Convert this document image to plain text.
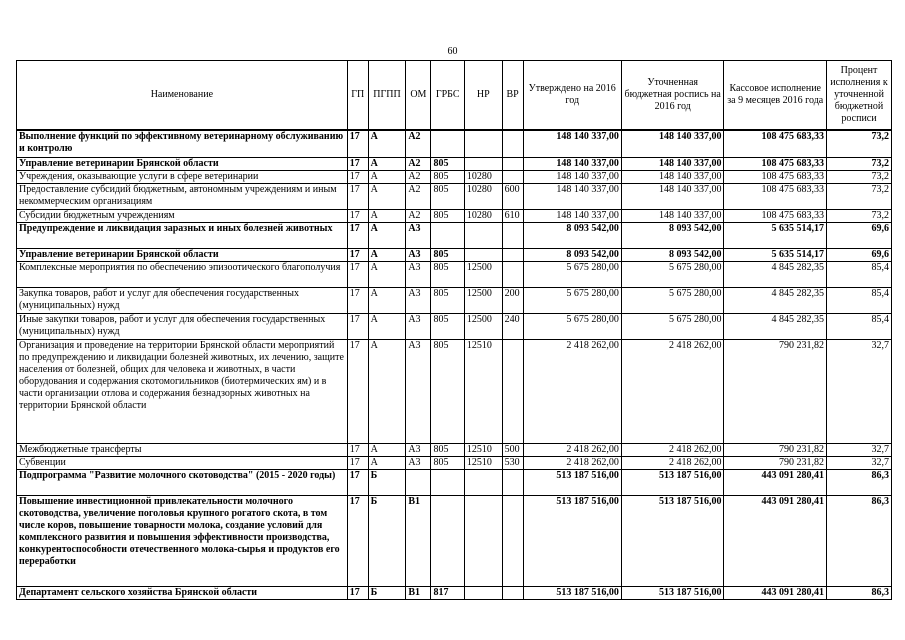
60
Наименование	ГП	ПГПП	ОМ	ГРБС	НР	ВР	Утверждено на 2016 год	Уточненная бюджетная роспись на 2016 год	Кассовое исполнение за 9 месяцев 2016 года	Процент исполнения к уточненной бюджетной росписи
Выполнение функций по эффективному ветеринарному обслуживанию и контролю	17	А	А2				148 140 337,00	148 140 337,00	108 475 683,33	73,2
Управление ветеринарии Брянской области	17	А	А2	805			148 140 337,00	148 140 337,00	108 475 683,33	73,2
Учреждения, оказывающие услуги в сфере ветеринарии	17	А	А2	805	10280		148 140 337,00	148 140 337,00	108 475 683,33	73,2
Предоставление субсидий бюджетным, автономным учреждениям и иным некоммерческим организациям	17	А	А2	805	10280	600	148 140 337,00	148 140 337,00	108 475 683,33	73,2
Субсидии бюджетным учреждениям	17	А	А2	805	10280	610	148 140 337,00	148 140 337,00	108 475 683,33	73,2
Предупреждение и ликвидация заразных и иных болезней животных	17	А	А3				8 093 542,00	8 093 542,00	5 635 514,17	69,6
Управление ветеринарии Брянской области	17	А	А3	805			8 093 542,00	8 093 542,00	5 635 514,17	69,6
Комплексные мероприятия по обеспечению эпизоотического благополучия	17	А	А3	805	12500		5 675 280,00	5 675 280,00	4 845 282,35	85,4
Закупка товаров, работ и услуг для обеспечения государственных (муниципальных) нужд	17	А	А3	805	12500	200	5 675 280,00	5 675 280,00	4 845 282,35	85,4
Иные закупки товаров, работ и услуг для обеспечения государственных (муниципальных) нужд	17	А	А3	805	12500	240	5 675 280,00	5 675 280,00	4 845 282,35	85,4
Организация и проведение на территории Брянской области мероприятий по предупреждению и ликвидации болезней животных, их лечению, защите населения от болезней, общих для человека и животных, в части оборудования и содержания скотомогильников (биотермических ям) и в части организации отлова и содержания безнадзорных животных на территории Брянской области	17	А	А3	805	12510		2 418 262,00	2 418 262,00	790 231,82	32,7
Межбюджетные трансферты	17	А	А3	805	12510	500	2 418 262,00	2 418 262,00	790 231,82	32,7
Субвенции	17	А	А3	805	12510	530	2 418 262,00	2 418 262,00	790 231,82	32,7
Подпрограмма "Развитие молочного скотоводства" (2015 - 2020 годы)	17	Б					513 187 516,00	513 187 516,00	443 091 280,41	86,3
Повышение инвестиционной привлекательности молочного скотоводства, увеличение поголовья крупного рогатого скота, в том числе коров, повышение товарности молока, создание условий для комплексного развития и повышения эффективности производства, конкурентоспособности отечественного молока-сырья и продуктов его переработки	17	Б	В1				513 187 516,00	513 187 516,00	443 091 280,41	86,3
Департамент сельского хозяйства Брянской области	17	Б	В1	817			513 187 516,00	513 187 516,00	443 091 280,41	86,3
